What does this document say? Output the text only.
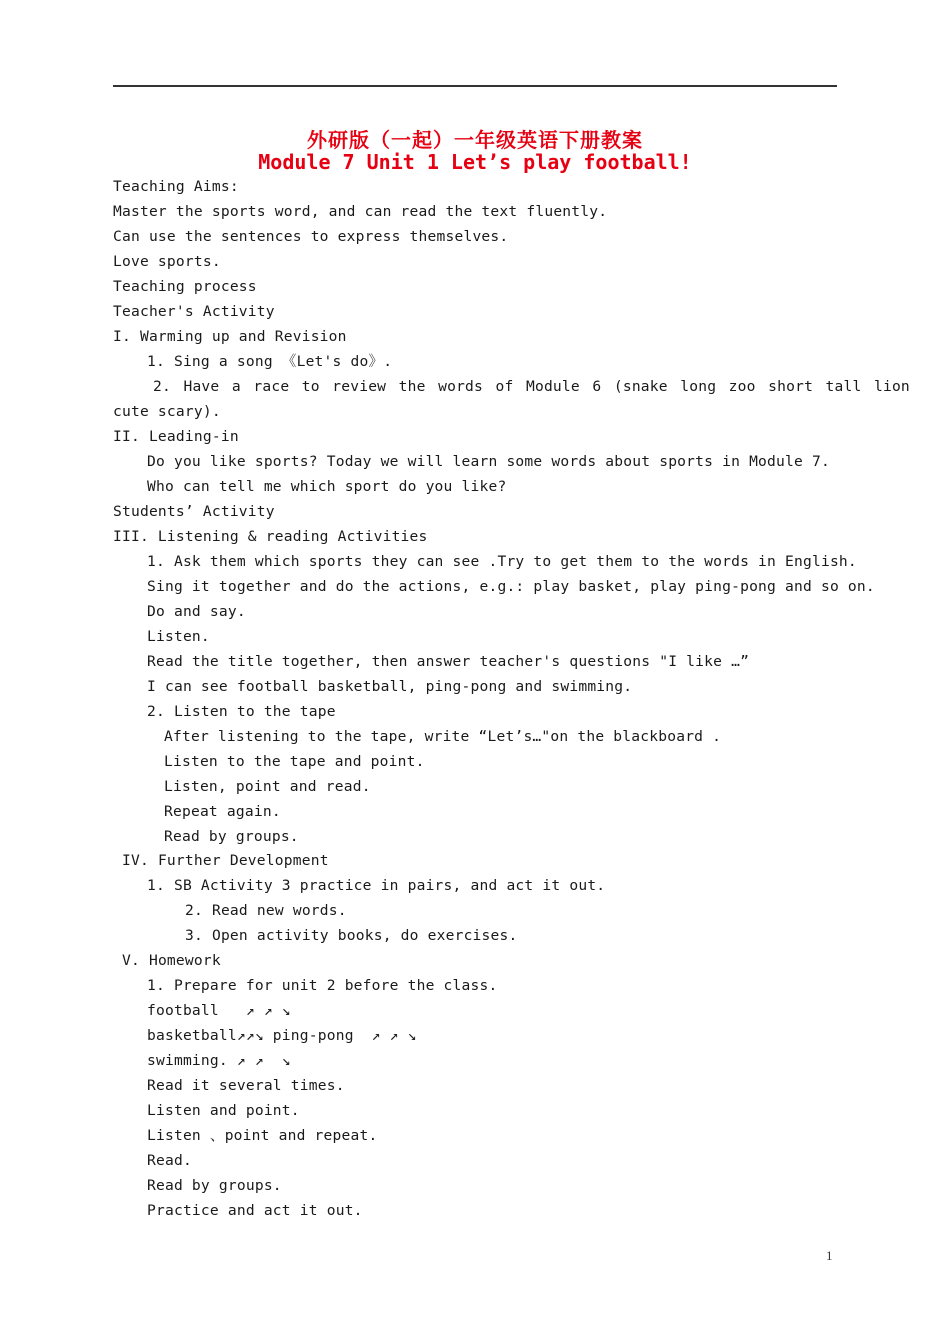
外研版（一起）一年级英语下册教案
Module 7 Unit 1 Let’s play football!

Teaching Aims:

Master the sports word, and can read the text fluently.

Can use the sentences to express themselves.

Love sports.

Teaching process

Teacher's Activity

I. Warming up and Revision

1. Sing a song 《Let's do》.

2. Have a race to review the words of Module 6 (snake long zoo short tall lion

cute scary).

II. Leading-in

Do you like sports? Today we will learn some words about sports in Module 7.

Who can tell me which sport do you like?

Students’ Activity

III. Listening & reading Activities

1. Ask them which sports they can see .Try to get them to the words in English.

Sing it together and do the actions, e.g.: play basket, play ping-pong and so on.

Do and say.

Listen.

Read the title together, then answer teacher's questions "I like …”

I can see football basketball, ping-pong and swimming.

2. Listen to the tape

After listening to the tape, write “Let’s…"on the blackboard .

Listen to the tape and point.

Listen, point and read.

Repeat again.

Read by groups.

IV. Further Development

1. SB Activity 3 practice in pairs, and act it out.

2. Read new words.

3. Open activity books, do exercises.

V. Homework

1. Prepare for unit 2 before the class.

football   ↗ ↗ ↘

basketball↗↗↘ ping-pong  ↗ ↗ ↘

swimming. ↗ ↗  ↘

Read it several times.

Listen and point.

Listen 、point and repeat.

Read.

Read by groups.

Practice and act it out.

1
